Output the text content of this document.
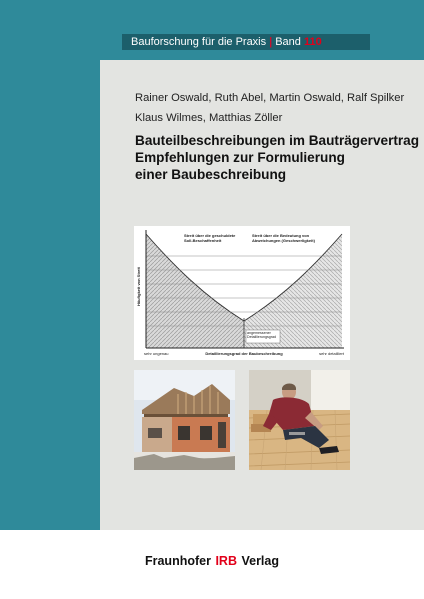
Bauforschung für die Praxis | Band 110
Rainer Oswald, Ruth Abel, Martin Oswald, Ralf Spilker
Klaus Wilmes, Matthias Zöller
Bauteilbeschreibungen im Bauträgervertrag
Empfehlungen zur Formulierung
einer Baubeschreibung
Häufigkeit von Streit
Streit über die geschuldete Soll-Beschaffenheit
Streit über die Bedeutung von Abweichungen (Geschwerligkeit)
angemessener Detaillierungsgrad
sehr ungenau	Detaillierungsgrad der Baubeschreibung	sehr detailliert
Fraunhofer IRB Verlag
